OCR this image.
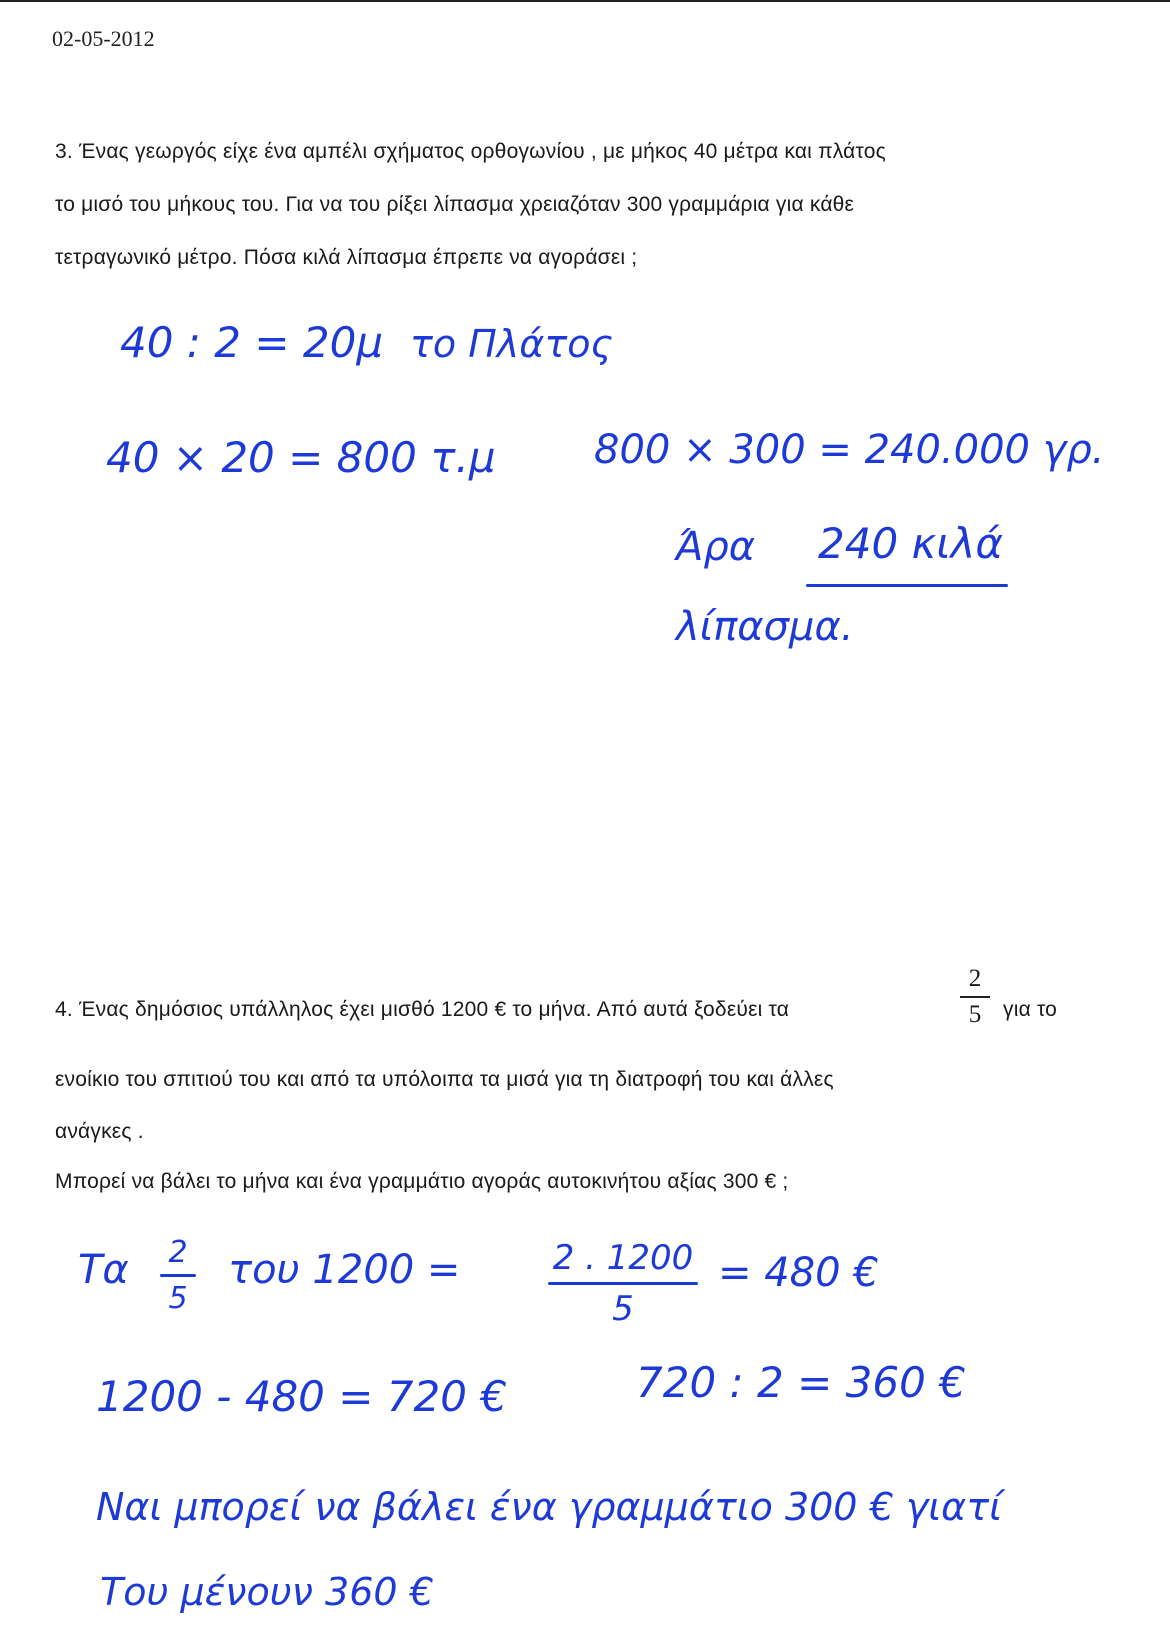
02-05-2012
3. Ένας γεωργός είχε ένα αμπέλι σχήματος ορθογωνίου , με μήκος 40 μέτρα και πλάτος
το μισό του μήκους του. Για να του ρίξει λίπασμα χρειαζόταν 300 γραμμάρια για κάθε
τετραγωνικό μέτρο. Πόσα κιλά λίπασμα έπρεπε να αγοράσει ;
40 : 2 = 20μ το Πλάτος
40 × 20 = 800 τ.μ 800 × 300 = 240.000 γρ.
Άρα 240 κιλά
λίπασμα.
4. Ένας δημόσιος υπάλληλος έχει μισθό 1200 € το μήνα. Από αυτά ξοδεύει τα
2
5	για το
ενοίκιο του σπιτιού του και από τα υπόλοιπα τα μισά για τη διατροφή του και άλλες
ανάγκες .
Μπορεί να βάλει το μήνα και ένα γραμμάτιο αγοράς αυτοκινήτου αξίας 300 € ;
Τα 2
5
του 1200 =	2 . 1200
5
= 480 €
1200 - 480 = 720 €	720 : 2 = 360 €
Ναι μπορεί να βάλει ένα γραμμάτιο 300 € γιατί
Του μένουν 360 €
